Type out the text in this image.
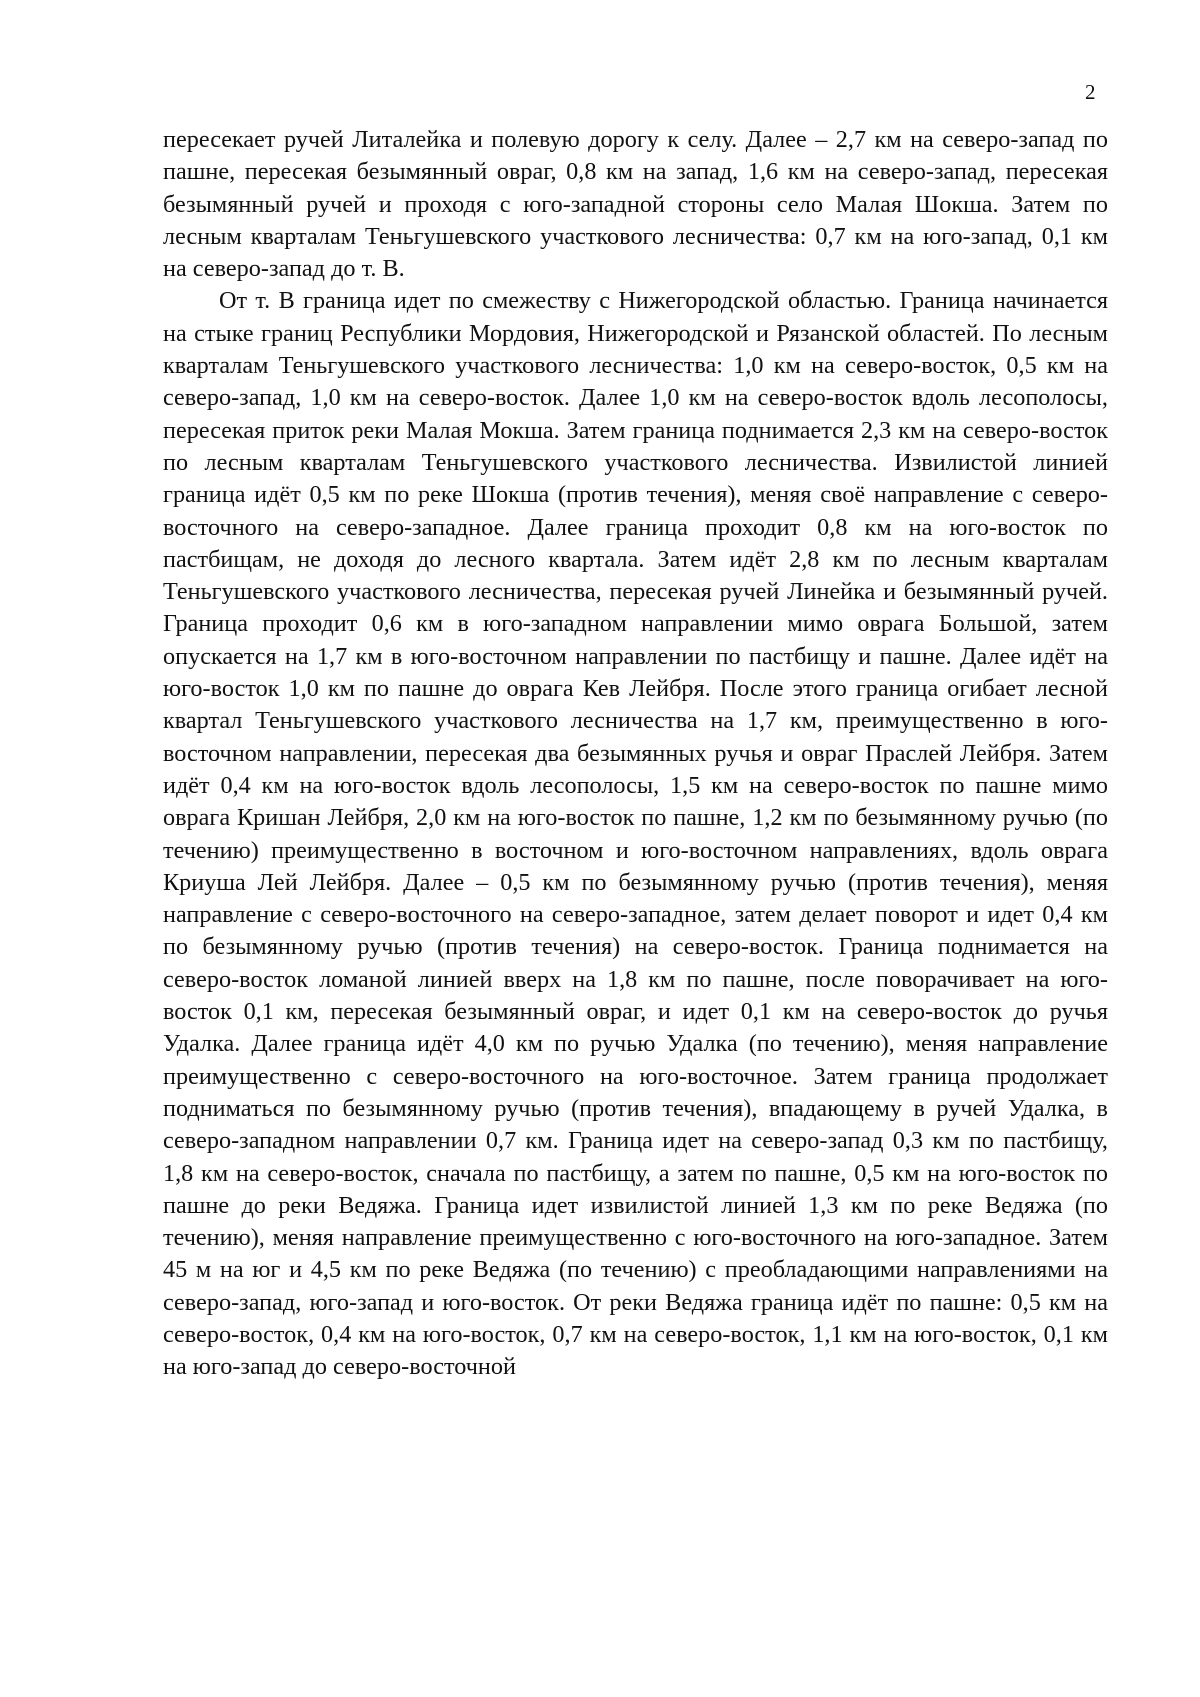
2

пересекает ручей Литалейка и полевую дорогу к селу. Далее – 2,7 км на северо-запад по пашне, пересекая безымянный овраг, 0,8 км на запад, 1,6 км на северо-запад, пересекая безымянный ручей и проходя с юго-западной стороны село Малая Шокша. Затем по лесным кварталам Теньгушевского участкового лесничества: 0,7 км на юго-запад, 0,1 км на северо-запад до т. В.

От т. В граница идет по смежеству с Нижегородской областью. Граница начинается на стыке границ Республики Мордовия, Нижегородской и Рязанской областей. По лесным кварталам Теньгушевского участкового лесничества: 1,0 км на северо-восток, 0,5 км на северо-запад, 1,0 км на северо-восток. Далее 1,0 км на северо-восток вдоль лесополосы, пересекая приток реки Малая Мокша. Затем граница поднимается 2,3 км на северо-восток по лесным кварталам Теньгушевского участкового лесничества. Извилистой линией граница идёт 0,5 км по реке Шокша (против течения), меняя своё направление с северо-восточного на северо-западное. Далее граница проходит 0,8 км на юго-восток по пастбищам, не доходя до лесного квартала. Затем идёт 2,8 км по лесным кварталам Теньгушевского участкового лесничества, пересекая ручей Линейка и безымянный ручей. Граница проходит 0,6 км в юго-западном направлении мимо оврага Большой, затем опускается на 1,7 км в юго-восточном направлении по пастбищу и пашне. Далее идёт на юго-восток 1,0 км по пашне до оврага Кев Лейбря. После этого граница огибает лесной квартал Теньгушевского участкового лесничества на 1,7 км, преимущественно в юго-восточном направлении, пересекая два безымянных ручья и овраг Праслей Лейбря. Затем идёт 0,4 км на юго-восток вдоль лесополосы, 1,5 км на северо-восток по пашне мимо оврага Кришан Лейбря, 2,0 км на юго-восток по пашне, 1,2 км по безымянному ручью (по течению) преимущественно в восточном и юго-восточном направлениях, вдоль оврага Криуша Лей Лейбря. Далее – 0,5 км по безымянному ручью (против течения), меняя направление с северо-восточного на северо-западное, затем делает поворот и идет 0,4 км по безымянному ручью (против течения) на северо-восток. Граница поднимается на северо-восток ломаной линией вверх на 1,8 км по пашне, после поворачивает на юго-восток 0,1 км, пересекая безымянный овраг, и идет 0,1 км на северо-восток до ручья Удалка. Далее граница идёт 4,0 км по ручью Удалка (по течению), меняя направление преимущественно с северо-восточного на юго-восточное. Затем граница продолжает подниматься по безымянному ручью (против течения), впадающему в ручей Удалка, в северо-западном направлении 0,7 км. Граница идет на северо-запад 0,3 км по пастбищу, 1,8 км на северо-восток, сначала по пастбищу, а затем по пашне, 0,5 км на юго-восток по пашне до реки Ведяжа. Граница идет извилистой линией 1,3 км по реке Ведяжа (по течению), меняя направление преимущественно с юго-восточного на юго-западное. Затем 45 м на юг и 4,5 км по реке Ведяжа (по течению) с преобладающими направлениями на северо-запад, юго-запад и юго-восток. От реки Ведяжа граница идёт по пашне: 0,5 км на северо-восток, 0,4 км на юго-восток, 0,7 км на северо-восток, 1,1 км на юго-восток, 0,1 км на юго-запад до северо-восточной
